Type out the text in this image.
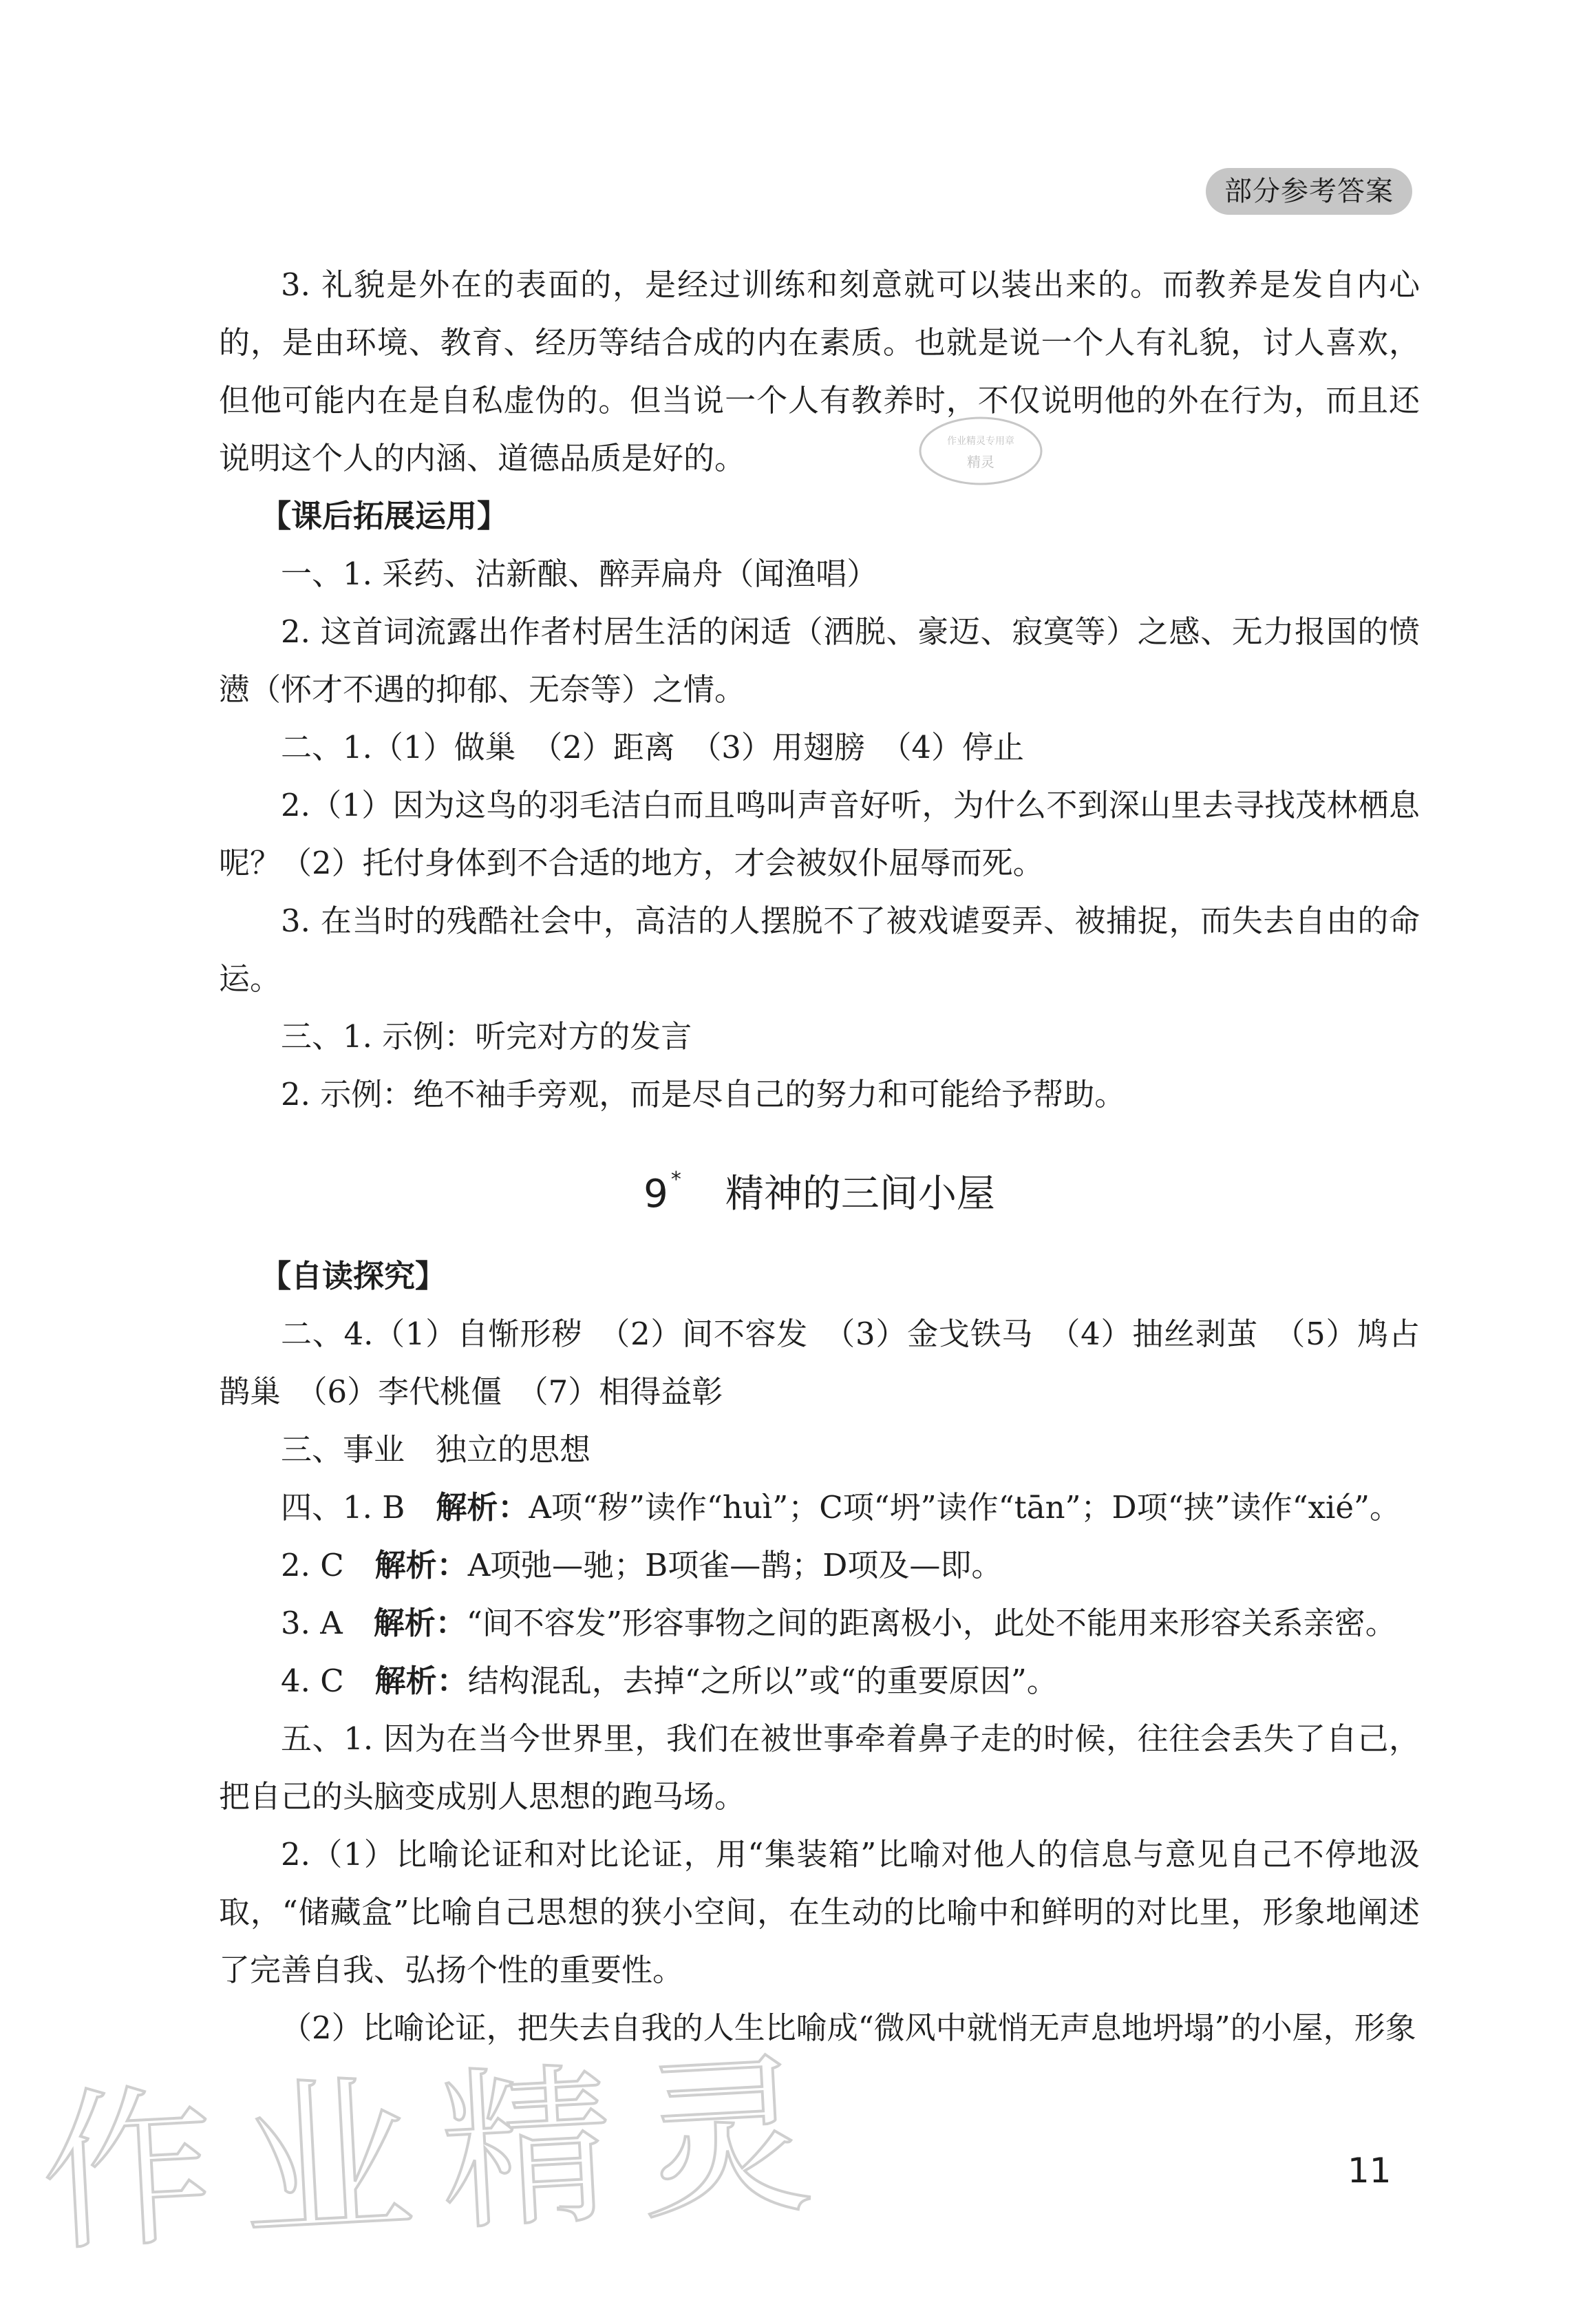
部分参考答案
作业精灵专用章
精灵

3. 礼貌是外在的表面的，是经过训练和刻意就可以装出来的。而教养是发自内心的，是由环境、教育、经历等结合成的内在素质。也就是说一个人有礼貌，讨人喜欢，但他可能内在是自私虚伪的。但当说一个人有教养时，不仅说明他的外在行为，而且还说明这个人的内涵、道德品质是好的。

【课后拓展运用】

一、1. 采药、沽新酿、醉弄扁舟（闻渔唱）

2. 这首词流露出作者村居生活的闲适（洒脱、豪迈、寂寞等）之感、无力报国的愤懑（怀才不遇的抑郁、无奈等）之情。

二、1.（1）做巢　（2）距离　（3）用翅膀　（4）停止

2.（1）因为这鸟的羽毛洁白而且鸣叫声音好听，为什么不到深山里去寻找茂林栖息呢？（2）托付身体到不合适的地方，才会被奴仆屈辱而死。

3. 在当时的残酷社会中，高洁的人摆脱不了被戏谑耍弄、被捕捉，而失去自由的命运。

三、1. 示例：听完对方的发言

2. 示例：绝不袖手旁观，而是尽自己的努力和可能给予帮助。

9 * 精神的三间小屋

【自读探究】

二、4.（1）自惭形秽　（2）间不容发　（3）金戈铁马　（4）抽丝剥茧　（5）鸠占鹊巢　（6）李代桃僵　（7）相得益彰

三、事业　独立的思想

四、1. B　解析：A项“秽”读作“huì”；C项“坍”读作“tān”；D项“挟”读作“xié”。

2. C　解析：A项弛—驰；B项雀—鹊；D项及—即。

3. A　解析：“间不容发”形容事物之间的距离极小，此处不能用来形容关系亲密。

4. C　解析：结构混乱，去掉“之所以”或“的重要原因”。

五、1. 因为在当今世界里，我们在被世事牵着鼻子走的时候，往往会丢失了自己，把自己的头脑变成别人思想的跑马场。

2.（1）比喻论证和对比论证，用“集装箱”比喻对他人的信息与意见自己不停地汲取，“储藏盒”比喻自己思想的狭小空间，在生动的比喻中和鲜明的对比里，形象地阐述了完善自我、弘扬个性的重要性。

（2）比喻论证，把失去自我的人生比喻成“微风中就悄无声息地坍塌”的小屋，形象

作业精灵	11
